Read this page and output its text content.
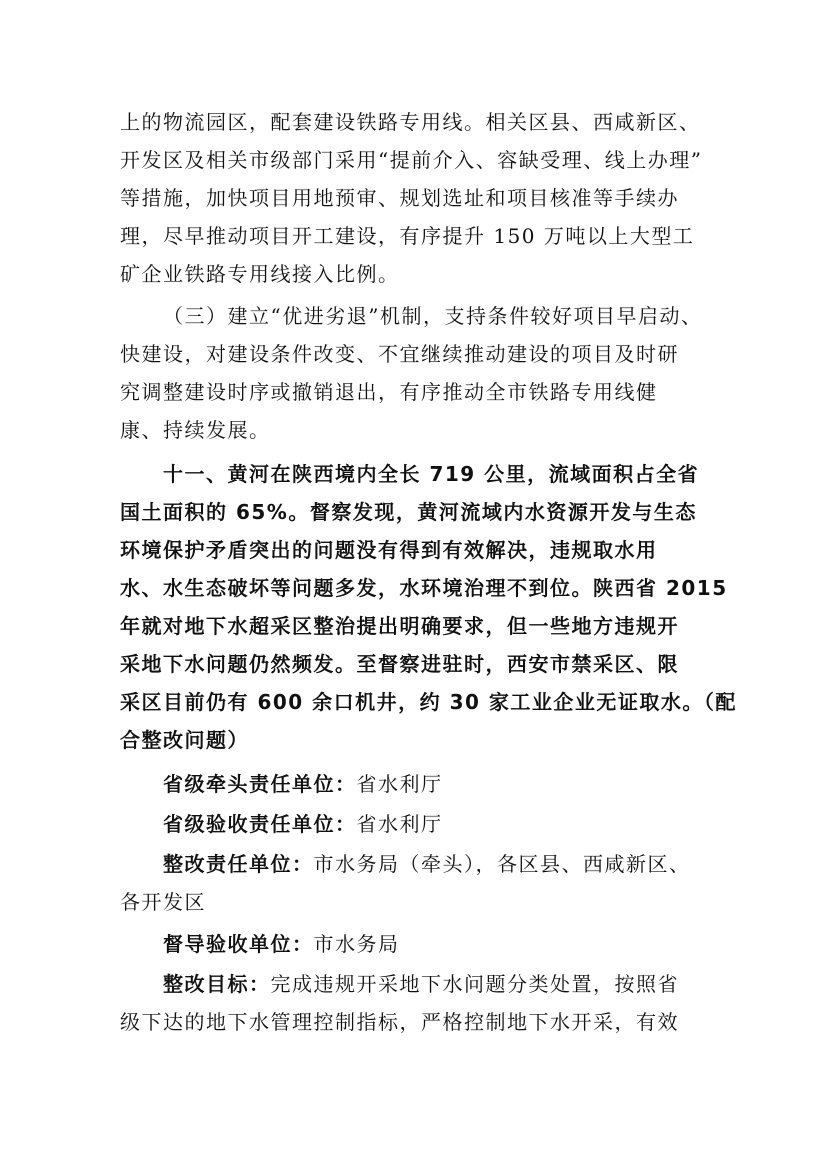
上的物流园区，配套建设铁路专用线。相关区县、西咸新区、
开发区及相关市级部门采用“提前介入、容缺受理、线上办理”
等措施，加快项目用地预审、规划选址和项目核准等手续办
理，尽早推动项目开工建设，有序提升 150 万吨以上大型工
矿企业铁路专用线接入比例。
（三）建立“优进劣退”机制，支持条件较好项目早启动、
快建设，对建设条件改变、不宜继续推动建设的项目及时研
究调整建设时序或撤销退出，有序推动全市铁路专用线健
康、持续发展。
十一、黄河在陕西境内全长 719 公里，流域面积占全省
国土面积的 65%。督察发现，黄河流域内水资源开发与生态
环境保护矛盾突出的问题没有得到有效解决，违规取水用
水、水生态破坏等问题多发，水环境治理不到位。陕西省 2015
年就对地下水超采区整治提出明确要求，但一些地方违规开
采地下水问题仍然频发。至督察进驻时，西安市禁采区、限
采区目前仍有 600 余口机井，约 30 家工业企业无证取水。（配
合整改问题）
省级牵头责任单位：省水利厅
省级验收责任单位：省水利厅
整改责任单位：市水务局（牵头），各区县、西咸新区、
各开发区
督导验收单位：市水务局
整改目标：完成违规开采地下水问题分类处置，按照省
级下达的地下水管理控制指标，严格控制地下水开采，有效
